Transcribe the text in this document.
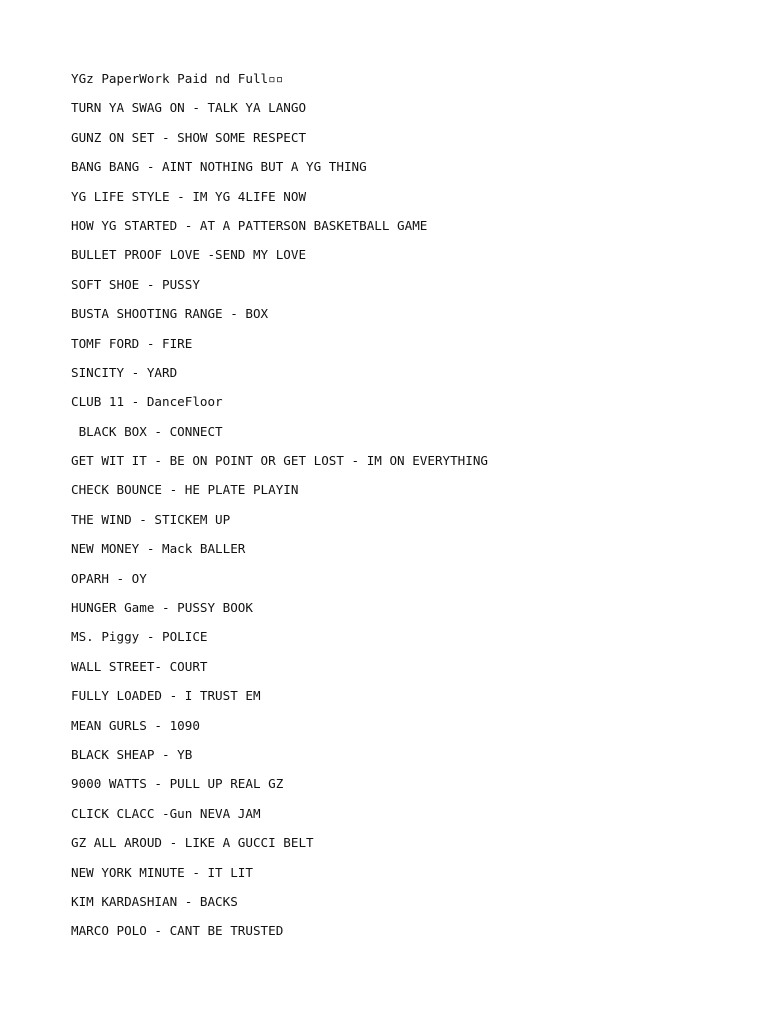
YGz PaperWork Paid nd Full▫▫
TURN YA SWAG ON - TALK YA LANGO
GUNZ ON SET - SHOW SOME RESPECT
BANG BANG - AINT NOTHING BUT A YG THING
YG LIFE STYLE - IM YG 4LIFE NOW
HOW YG STARTED - AT A PATTERSON BASKETBALL GAME
BULLET PROOF LOVE -SEND MY LOVE
SOFT SHOE - PUSSY
BUSTA SHOOTING RANGE - BOX
TOMF FORD - FIRE
SINCITY - YARD
CLUB 11 - DanceFloor
BLACK BOX - CONNECT
GET WIT IT - BE ON POINT OR GET LOST - IM ON EVERYTHING
CHECK BOUNCE - HE PLATE PLAYIN
THE WIND - STICKEM UP
NEW MONEY - Mack BALLER
OPARH - OY
HUNGER Game - PUSSY BOOK
MS. Piggy - POLICE
WALL STREET- COURT
FULLY LOADED - I TRUST EM
MEAN GURLS - 1090
BLACK SHEAP - YB
9000 WATTS - PULL UP REAL GZ
CLICK CLACC -Gun NEVA JAM
GZ ALL AROUD - LIKE A GUCCI BELT
NEW YORK MINUTE - IT LIT
KIM KARDASHIAN - BACKS
MARCO POLO - CANT BE TRUSTED
